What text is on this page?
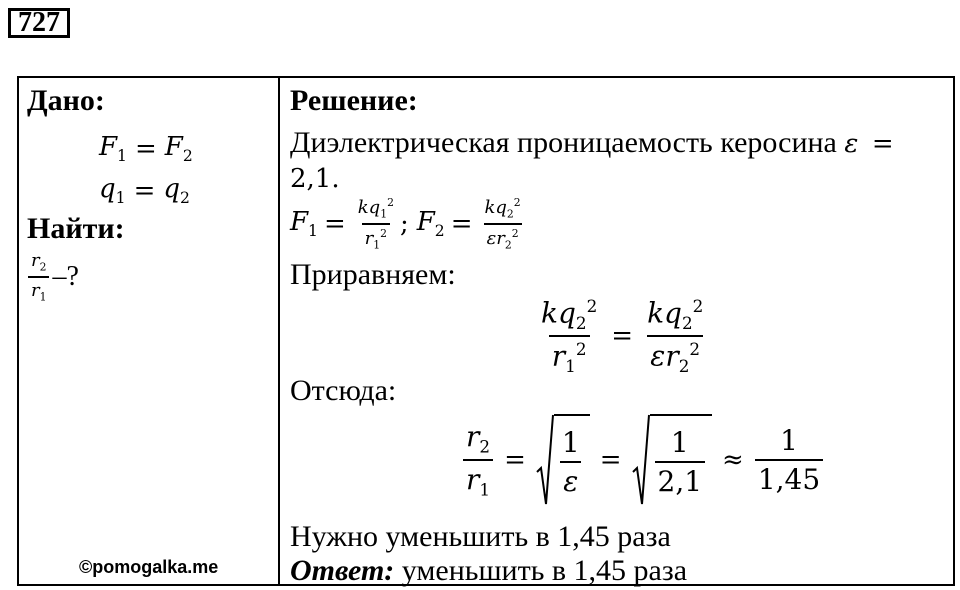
727
Дано:
$F_1 = F_2$
$q_1 = q_2$
Найти:
$\frac{r_2}{r_1}$ –?
©pomogalka.me
Решение:
Диэлектрическая проницаемость керосина ε =
2,1.
$F_1 = \frac{kq_1^2}{r_1^2}$ ; $F_2 = \frac{kq_2^2}{\varepsilon r_2^2}$
Приравняем:
$\frac{kq_2^2}{r_1^2} = \frac{kq_2^2}{\varepsilon r_2^2}$
Отсюда:
$\frac{r_2}{r_1} = \frac{1}{\varepsilon} = \frac{1}{2,1} \approx \frac{1}{1,45}$
Нужно уменьшить в 1,45 раза
Ответ: уменьшить в 1,45 раза
